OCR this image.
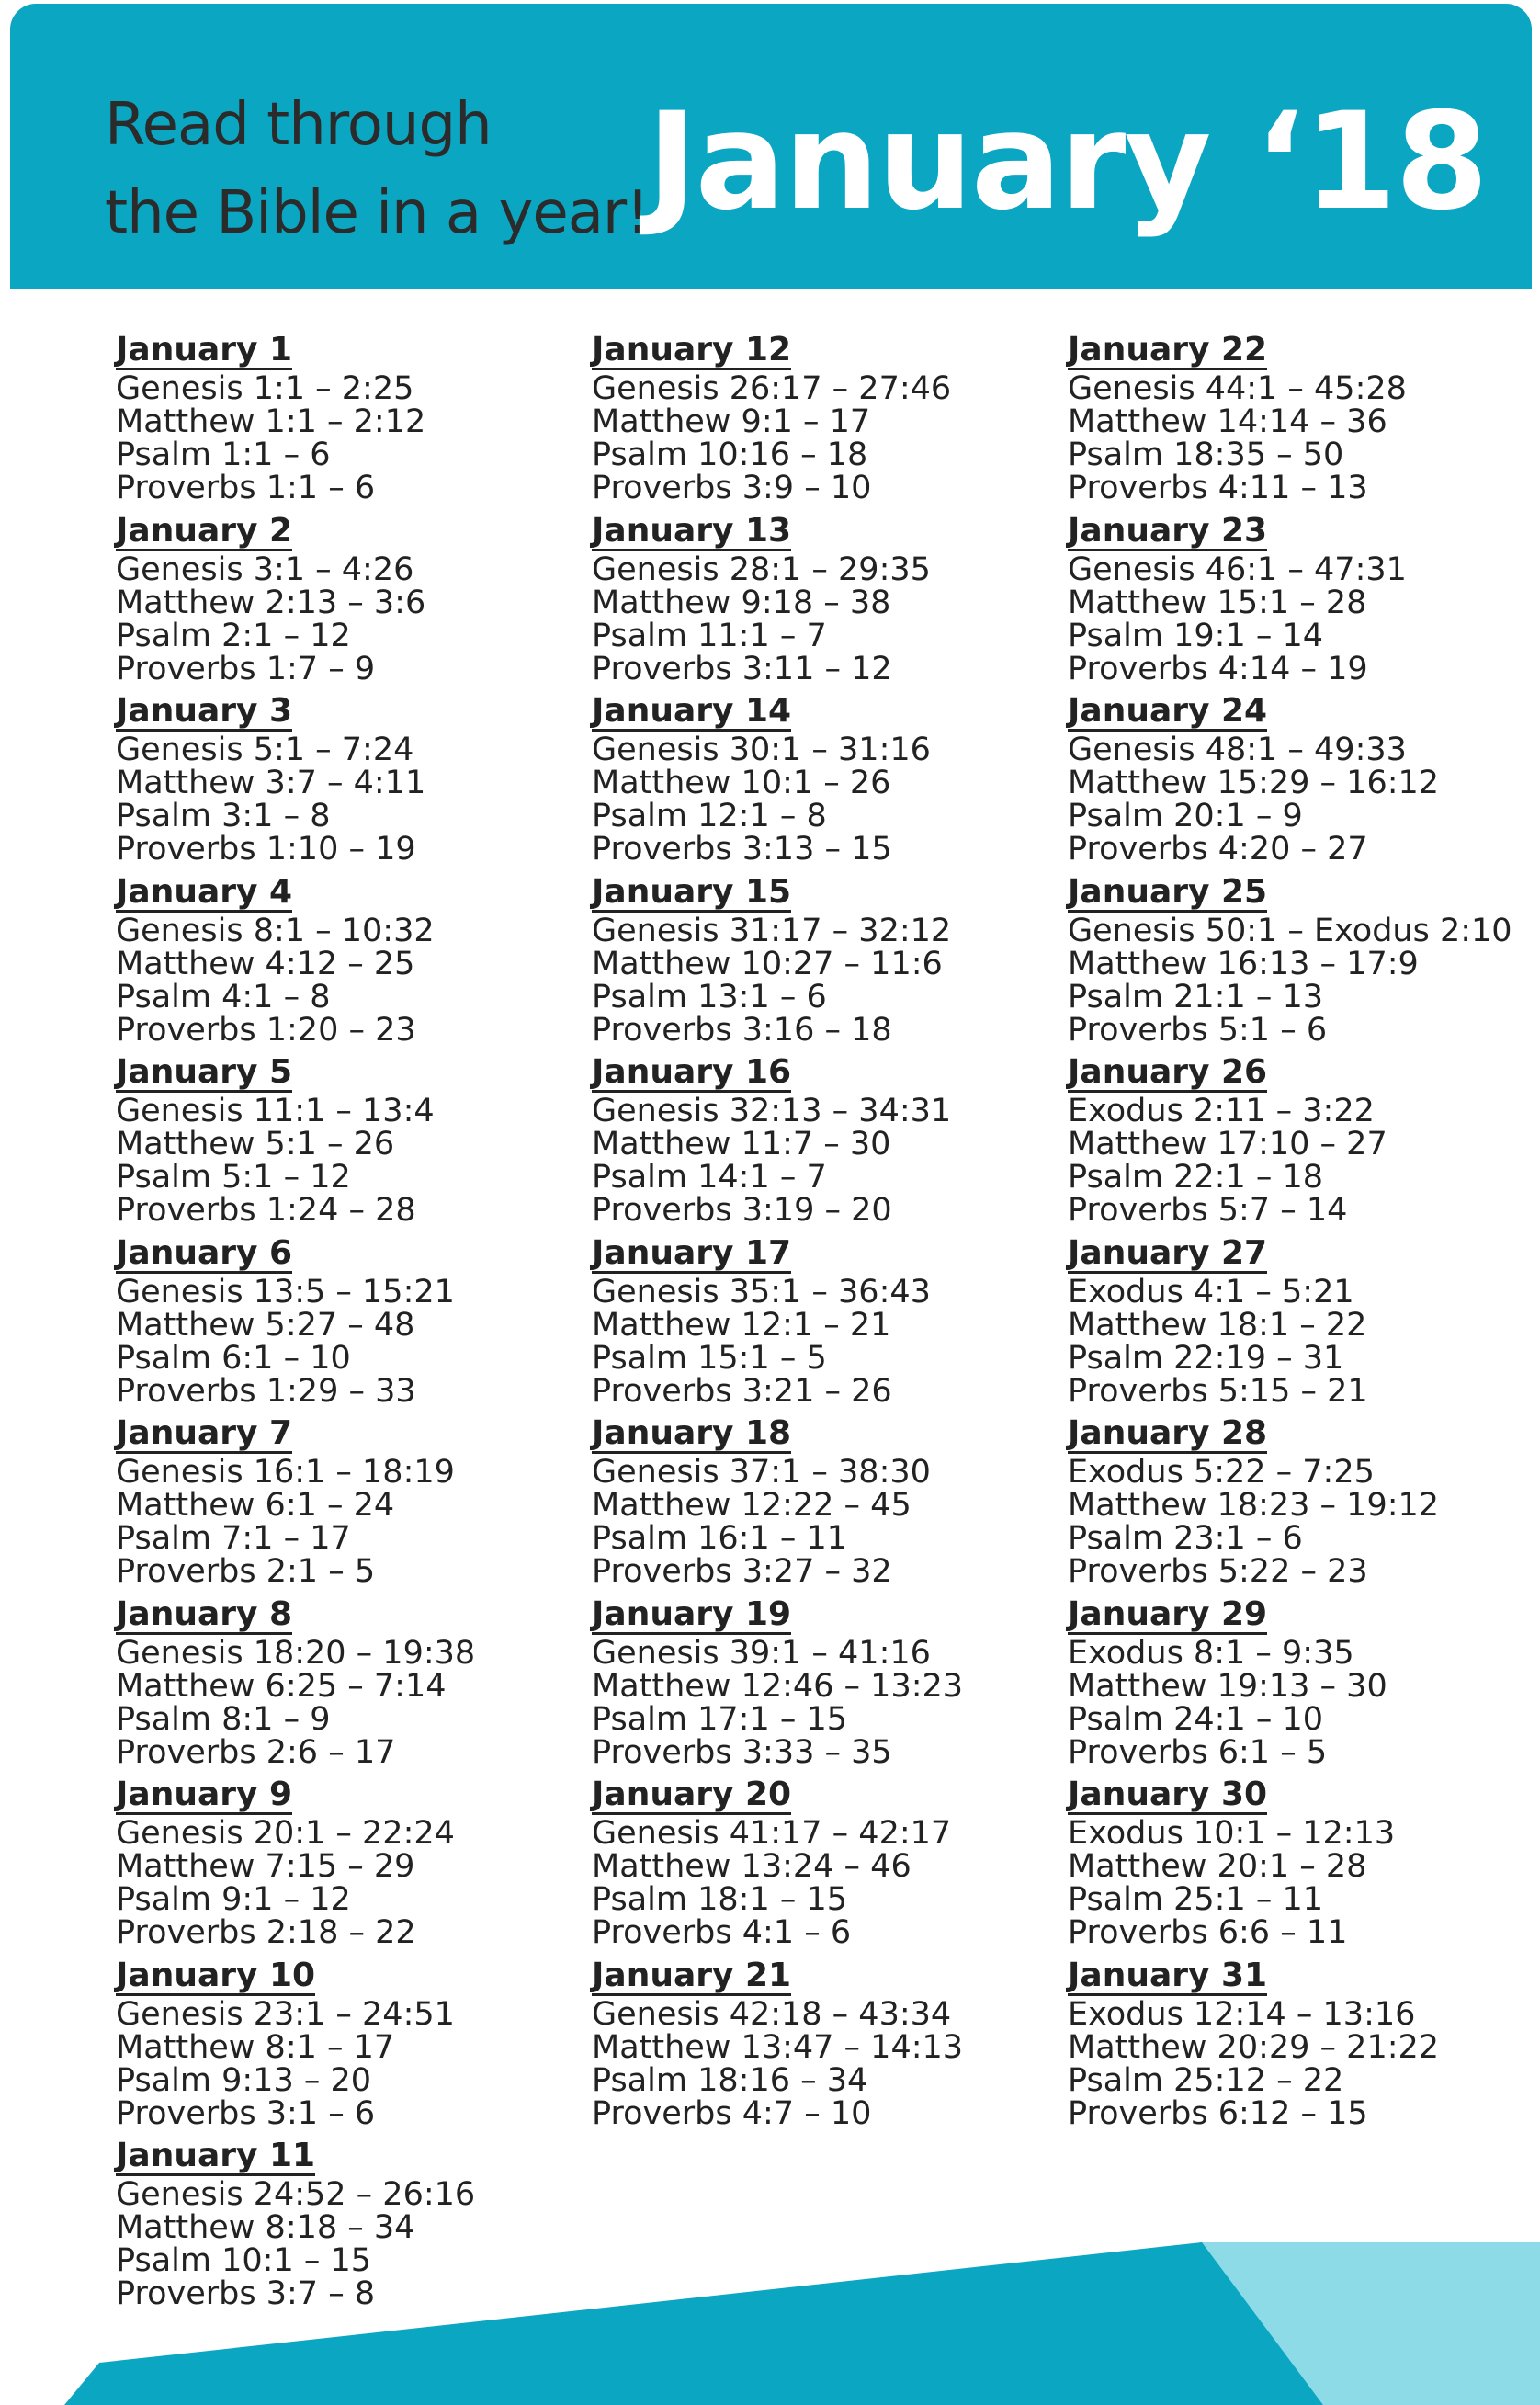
Read through
the Bible in a year!
January ‘18
January 1
Genesis 1:1 – 2:25
Matthew 1:1 – 2:12
Psalm 1:1 – 6
Proverbs 1:1 – 6
January 2
Genesis 3:1 – 4:26
Matthew 2:13 – 3:6
Psalm 2:1 – 12
Proverbs 1:7 – 9
January 3
Genesis 5:1 – 7:24
Matthew 3:7 – 4:11
Psalm 3:1 – 8
Proverbs 1:10 – 19
January 4
Genesis 8:1 – 10:32
Matthew 4:12 – 25
Psalm 4:1 – 8
Proverbs 1:20 – 23
January 5
Genesis 11:1 – 13:4
Matthew 5:1 – 26
Psalm 5:1 – 12
Proverbs 1:24 – 28
January 6
Genesis 13:5 – 15:21
Matthew 5:27 – 48
Psalm 6:1 – 10
Proverbs 1:29 – 33
January 7
Genesis 16:1 – 18:19
Matthew 6:1 – 24
Psalm 7:1 – 17
Proverbs 2:1 – 5
January 8
Genesis 18:20 – 19:38
Matthew 6:25 – 7:14
Psalm 8:1 – 9
Proverbs 2:6 – 17
January 9
Genesis 20:1 – 22:24
Matthew 7:15 – 29
Psalm 9:1 – 12
Proverbs 2:18 – 22
January 10
Genesis 23:1 – 24:51
Matthew 8:1 – 17
Psalm 9:13 – 20
Proverbs 3:1 – 6
January 11
Genesis 24:52 – 26:16
Matthew 8:18 – 34
Psalm 10:1 – 15
Proverbs 3:7 – 8
January 12
Genesis 26:17 – 27:46
Matthew 9:1 – 17
Psalm 10:16 – 18
Proverbs 3:9 – 10
January 13
Genesis 28:1 – 29:35
Matthew 9:18 – 38
Psalm 11:1 – 7
Proverbs 3:11 – 12
January 14
Genesis 30:1 – 31:16
Matthew 10:1 – 26
Psalm 12:1 – 8
Proverbs 3:13 – 15
January 15
Genesis 31:17 – 32:12
Matthew 10:27 – 11:6
Psalm 13:1 – 6
Proverbs 3:16 – 18
January 16
Genesis 32:13 – 34:31
Matthew 11:7 – 30
Psalm 14:1 – 7
Proverbs 3:19 – 20
January 17
Genesis 35:1 – 36:43
Matthew 12:1 – 21
Psalm 15:1 – 5
Proverbs 3:21 – 26
January 18
Genesis 37:1 – 38:30
Matthew 12:22 – 45
Psalm 16:1 – 11
Proverbs 3:27 – 32
January 19
Genesis 39:1 – 41:16
Matthew 12:46 – 13:23
Psalm 17:1 – 15
Proverbs 3:33 – 35
January 20
Genesis 41:17 – 42:17
Matthew 13:24 – 46
Psalm 18:1 – 15
Proverbs 4:1 – 6
January 21
Genesis 42:18 – 43:34
Matthew 13:47 – 14:13
Psalm 18:16 – 34
Proverbs 4:7 – 10
January 22
Genesis 44:1 – 45:28
Matthew 14:14 – 36
Psalm 18:35 – 50
Proverbs 4:11 – 13
January 23
Genesis 46:1 – 47:31
Matthew 15:1 – 28
Psalm 19:1 – 14
Proverbs 4:14 – 19
January 24
Genesis 48:1 – 49:33
Matthew 15:29 – 16:12
Psalm 20:1 – 9
Proverbs 4:20 – 27
January 25
Genesis 50:1 – Exodus 2:10
Matthew 16:13 – 17:9
Psalm 21:1 – 13
Proverbs 5:1 – 6
January 26
Exodus 2:11 – 3:22
Matthew 17:10 – 27
Psalm 22:1 – 18
Proverbs 5:7 – 14
January 27
Exodus 4:1 – 5:21
Matthew 18:1 – 22
Psalm 22:19 – 31
Proverbs 5:15 – 21
January 28
Exodus 5:22 – 7:25
Matthew 18:23 – 19:12
Psalm 23:1 – 6
Proverbs 5:22 – 23
January 29
Exodus 8:1 – 9:35
Matthew 19:13 – 30
Psalm 24:1 – 10
Proverbs 6:1 – 5
January 30
Exodus 10:1 – 12:13
Matthew 20:1 – 28
Psalm 25:1 – 11
Proverbs 6:6 – 11
January 31
Exodus 12:14 – 13:16
Matthew 20:29 – 21:22
Psalm 25:12 – 22
Proverbs 6:12 – 15
